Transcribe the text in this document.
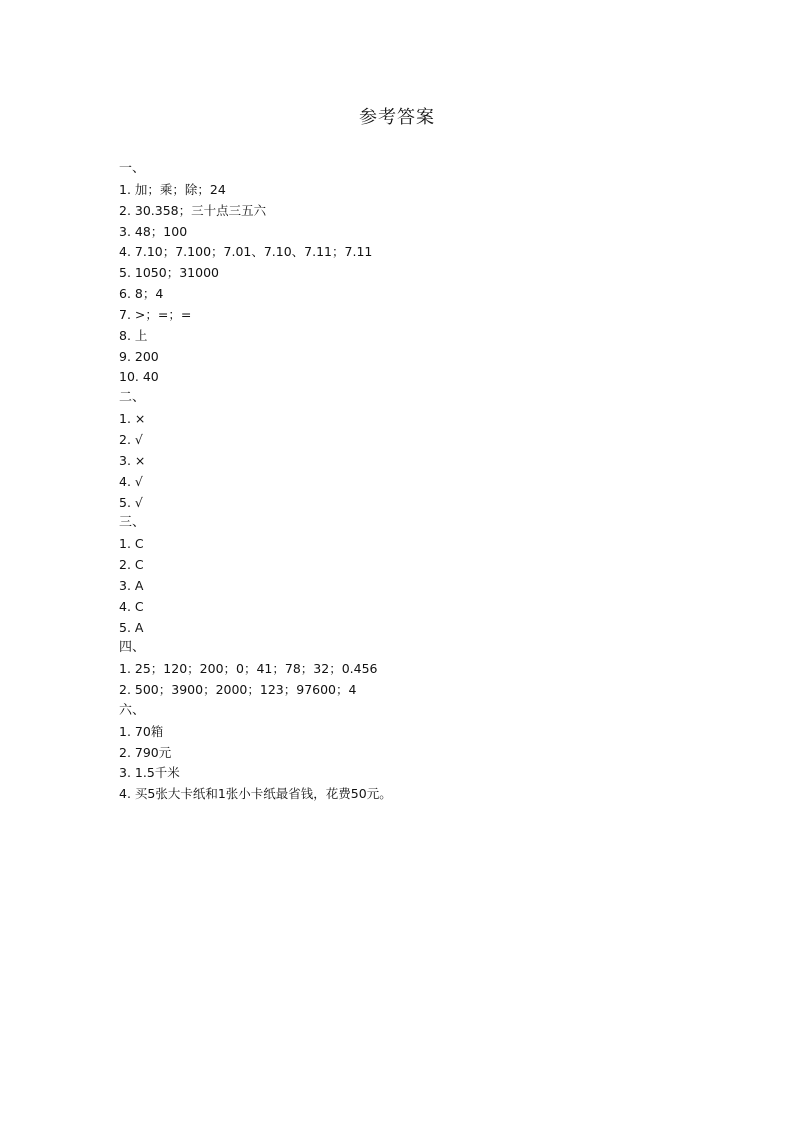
参考答案
一、
1. 加；乘；除；24
2. 30.358；三十点三五六
3. 48；100
4. 7.10；7.100；7.01、7.10、7.11；7.11
5. 1050；31000
6. 8；4
7. >；=；=
8. 上
9. 200
10. 40
二、
1. ×
2. √
3. ×
4. √
5. √
三、
1. C
2. C
3. A
4. C
5. A
四、
1. 25；120；200；0；41；78；32；0.456
2. 500；3900；2000；123；97600；4
六、
1. 70箱
2. 790元
3. 1.5千米
4. 买5张大卡纸和1张小卡纸最省钱，花费50元。
